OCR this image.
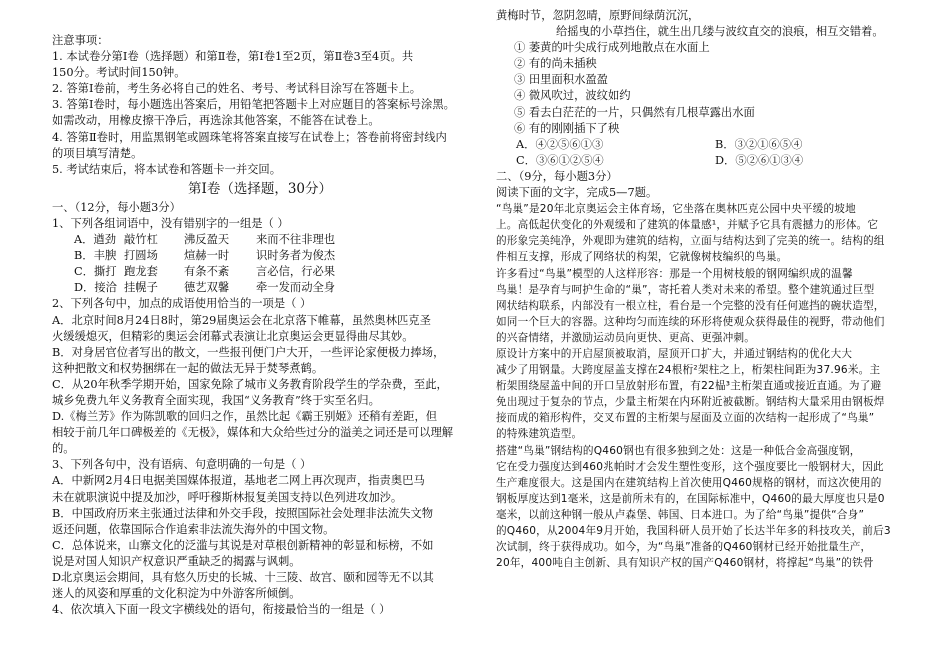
注意事项：
1. 本试卷分第Ⅰ卷（选择题）和第Ⅱ卷，第Ⅰ卷1至2页，第Ⅱ卷3至4页。共
150分。考试时间150钟。
2. 答第Ⅰ卷前，考生务必将自己的姓名、考号、考试科目涂写在答题卡上。
3. 答第Ⅰ卷时，每小题选出答案后，用铅笔把答题卡上对应题目的答案标号涂黑。
如需改动，用橡皮擦干净后，再选涂其他答案，不能答在试卷上。
4. 答第Ⅱ卷时，用监黑钢笔或圆珠笔将答案直接写在试卷上；答卷前将密封线内
的项目填写清楚。
5. 考试结束后，将本试卷和答题卡一并交回。
第Ⅰ卷（选择题，30分）
一、（12分，每小题3分）
1、下列各组词语中，没有错别字的一组是（ ）
A．遒劲 敲竹杠	沸反盈天	来而不往非理也
B．丰腴 打圆场	煊赫一时	识时务者为俊杰
C．撕打 跑龙套	有条不紊	言必信，行必果
D．接洽 挂幌子	德艺双馨	牵一发而动全身
2、下列各句中，加点的成语使用恰当的一项是（ ）
A．北京时间8月24日8时，第29届奥运会在北京落下帷幕，虽然奥林匹克圣
火缓缓熄灭，但精彩的奥运会闭幕式表演让北京奥运会更显得曲尽其妙。
B．对身居官位者写出的散文，一些报刊便门户大开，一些评论家便极力捧场，
这种把散文和权势捆绑在一起的做法无异于焚琴煮鹤。
C．从20年秋季学期开始，国家免除了城市义务教育阶段学生的学杂费，至此，
城乡免费九年义务教育全面实现，我国“义务教育”终于实至名归。
D.《梅兰芳》作为陈凯歌的回归之作，虽然比起《霸王别姬》还稍有差距，但
相较于前几年口碑极差的《无极》，媒体和大众给些过分的溢美之词还是可以理解
的。
3、下列各句中，没有语病、句意明确的一句是（ ）
A．中新网2月4日电据美国媒体报道，基地老二网上再次现声，指责奥巴马
未在就职演说中提及加沙，呼吁穆斯林报复美国支持以色列进攻加沙。
B．中国政府历来主张通过法律和外交手段，按照国际社会处理非法流失文物
返还问题，依靠国际合作追索非法流失海外的中国文物。
C．总体说来，山寨文化的泛滥与其说是对草根创新精神的彰显和标榜，不如
说是对国人知识产权意识严重缺乏的揭露与讽刺。
D北京奥运会期间，具有悠久历史的长城、十三陵、故宫、颐和园等无不以其
迷人的风姿和厚重的文化积淀为中外游客所倾倒。
4、依次填入下面一段文字横线处的语句，衔接最恰当的一组是（ ）
黄梅时节，忽阴忽晴，原野间绿荫沉沉，
给摇曳的小草挡住，就生出几缕与波纹直交的浪痕，相互交错着。
① 萎黄的叶尖成行成列地散点在水面上
② 有的尚未插秧
③ 田里面积水盈盈
④ 微风吹过，波纹如约
⑤ 看去白茫茫的一片，只偶然有几根草露出水面
⑥ 有的刚刚插下了秧
A．④②⑤⑥①③	B．③②①⑥⑤④
C．③⑥①②⑤④	D．⑤②⑥①③④
二、（9分，每小题3分）
阅读下面的文字，完成5—7题。
“鸟巢”是20年北京奥运会主体育场，它坐落在奥林匹克公园中央平缓的坡地
上。高低起伏变化的外观缓和了建筑的体量感¹，并赋予它具有震撼力的形体。它
的形象完美纯净，外观即为建筑的结构，立面与结构达到了完美的统一。结构的组
件相互支撑，形成了网络状的构架，它就像树枝编织的鸟巢。
许多看过“鸟巢”模型的人这样形容：那是一个用树枝般的钢网编织成的温馨
鸟巢！是孕育与呵护生命的“巢”，寄托着人类对未来的希望。整个建筑通过巨型
网状结构联系，内部没有一根立柱，看台是一个完整的没有任何遮挡的碗状造型，
如同一个巨大的容器。这种均匀而连续的环形将使观众获得最佳的视野，带动他们
的兴奋情绪，并激励运动员向更快、更高、更强冲刺。
原设计方案中的开启屋顶被取消，屋顶开口扩大，并通过钢结构的优化大大
减少了用钢量。大跨度屋盖支撑在24根桁²架柱之上，桁架柱间距为37.96米。主
桁架围绕屋盖中间的开口呈放射形布置，有22榀³主桁架直通或接近直通。为了避
免出现过于复杂的节点，少量主桁架在内环附近被截断。钢结构大量采用由钢板焊
接而成的箱形构件，交叉布置的主桁架与屋面及立面的次结构一起形成了“鸟巢”
的特殊建筑造型。
搭建“鸟巢”钢结构的Q460钢也有很多独到之处：这是一种低合金高强度钢，
它在受力强度达到460兆帕时才会发生塑性变形，这个强度要比一般钢材大，因此
生产难度很大。这是国内在建筑结构上首次使用Q460规格的钢材，而这次使用的
钢板厚度达到1毫米，这是前所未有的，在国际标准中，Q460的最大厚度也只是0
毫米，以前这种钢一般从卢森堡、韩国、日本进口。为了给“鸟巢”提供“合身”
的Q460，从2004年9月开始，我国科研人员开始了长达半年多的科技攻关，前后3
次试制，终于获得成功。如今，为“鸟巢”准备的Q460钢材已经开始批量生产，
20年，400吨自主创新、具有知识产权的国产Q460钢材，将撑起“鸟巢”的铁骨
